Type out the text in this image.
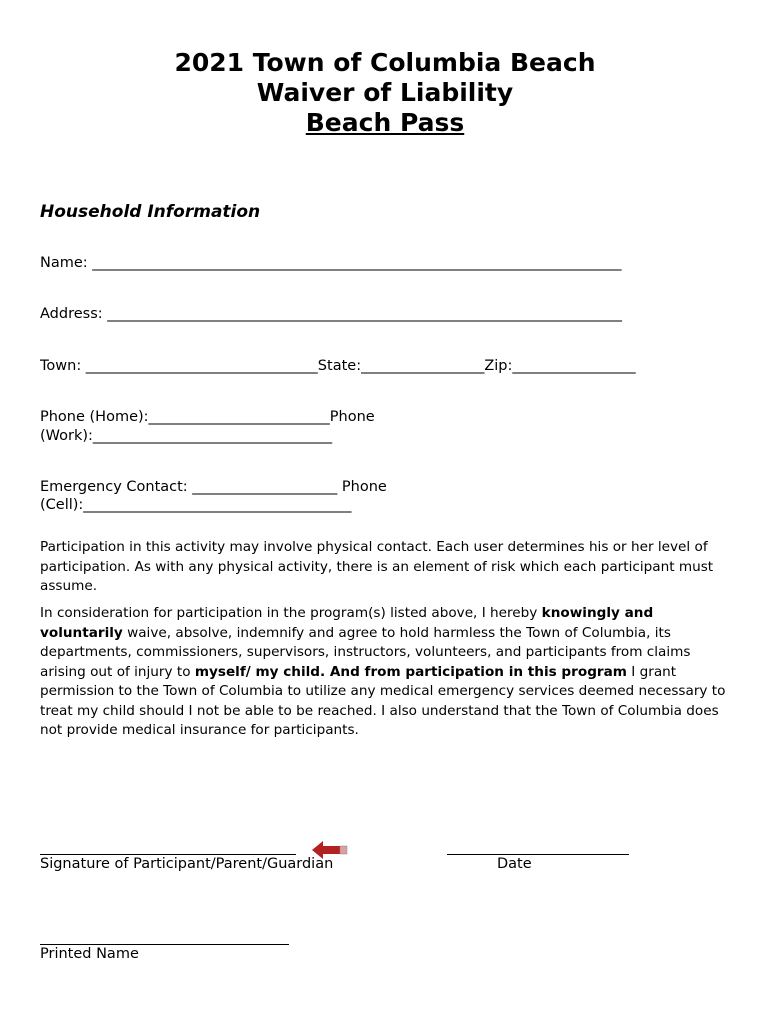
2021 Town of Columbia Beach
Waiver of Liability
Beach Pass
Household Information
Name: _________________________________________________________________________
Address: _______________________________________________________________________
Town: ________________________________State:_________________Zip:_________________
Phone (Home):_________________________Phone
(Work):_________________________________
Emergency Contact: ____________________ Phone
(Cell):_____________________________________
Participation in this activity may involve physical contact. Each user determines his or her level of participation. As with any physical activity, there is an element of risk which each participant must assume.
In consideration for participation in the program(s) listed above, I hereby knowingly and voluntarily waive, absolve, indemnify and agree to hold harmless the Town of Columbia, its departments, commissioners, supervisors, instructors, volunteers, and participants from claims arising out of injury to myself/ my child. And from participation in this program I grant permission to the Town of Columbia to utilize any medical emergency services deemed necessary to treat my child should I not be able to be reached. I also understand that the Town of Columbia does not provide medical insurance for participants.
Signature of Participant/Parent/Guardian	Date
Printed Name
